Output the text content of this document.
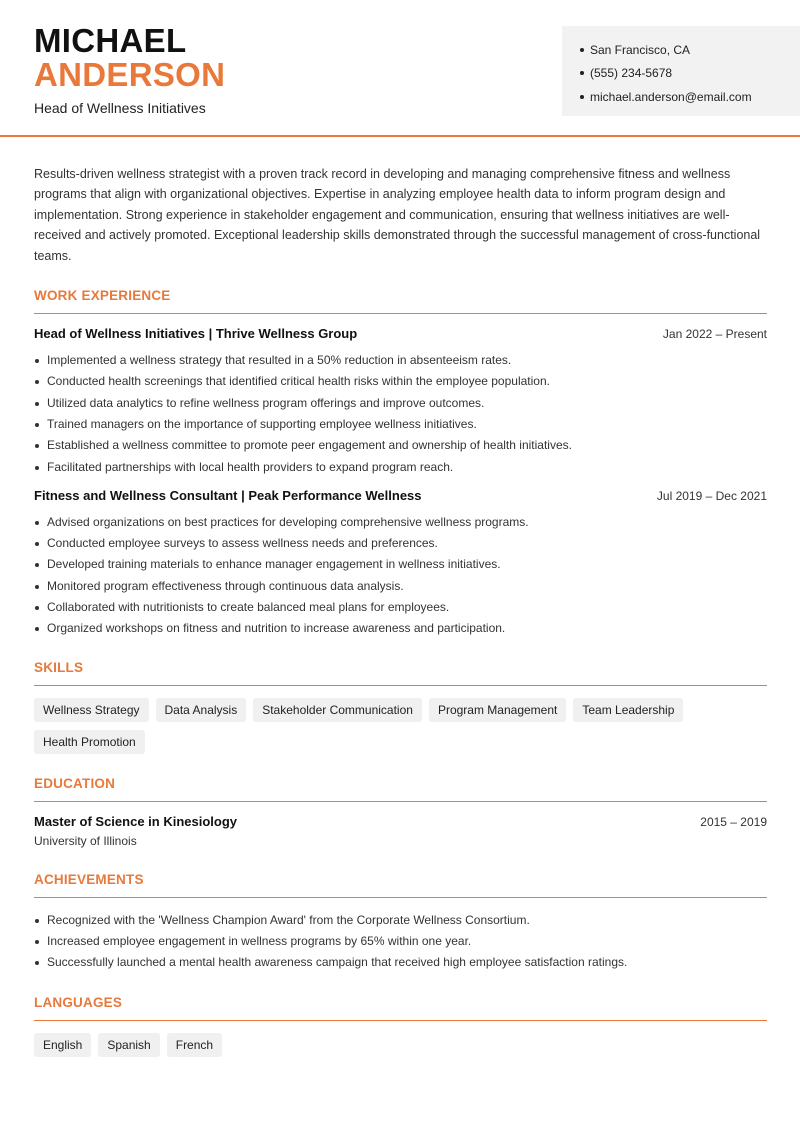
MICHAEL
ANDERSON
Head of Wellness Initiatives
San Francisco, CA
(555) 234-5678
michael.anderson@email.com

Results-driven wellness strategist with a proven track record in developing and managing comprehensive fitness and wellness programs that align with organizational objectives. Expertise in analyzing employee health data to inform program design and implementation. Strong experience in stakeholder engagement and communication, ensuring that wellness initiatives are well-received and actively promoted. Exceptional leadership skills demonstrated through the successful management of cross-functional teams.

WORK EXPERIENCE
Head of Wellness Initiatives | Thrive Wellness Group	Jan 2022 – Present
Implemented a wellness strategy that resulted in a 50% reduction in absenteeism rates.
Conducted health screenings that identified critical health risks within the employee population.
Utilized data analytics to refine wellness program offerings and improve outcomes.
Trained managers on the importance of supporting employee wellness initiatives.
Established a wellness committee to promote peer engagement and ownership of health initiatives.
Facilitated partnerships with local health providers to expand program reach.
Fitness and Wellness Consultant | Peak Performance Wellness	Jul 2019 – Dec 2021
Advised organizations on best practices for developing comprehensive wellness programs.
Conducted employee surveys to assess wellness needs and preferences.
Developed training materials to enhance manager engagement in wellness initiatives.
Monitored program effectiveness through continuous data analysis.
Collaborated with nutritionists to create balanced meal plans for employees.
Organized workshops on fitness and nutrition to increase awareness and participation.
SKILLS
Wellness Strategy	Data Analysis	Stakeholder Communication	Program Management	Team Leadership
Health Promotion
EDUCATION
Master of Science in Kinesiology	2015 – 2019
University of Illinois
ACHIEVEMENTS
Recognized with the 'Wellness Champion Award' from the Corporate Wellness Consortium.
Increased employee engagement in wellness programs by 65% within one year.
Successfully launched a mental health awareness campaign that received high employee satisfaction ratings.
LANGUAGES
English	Spanish	French
